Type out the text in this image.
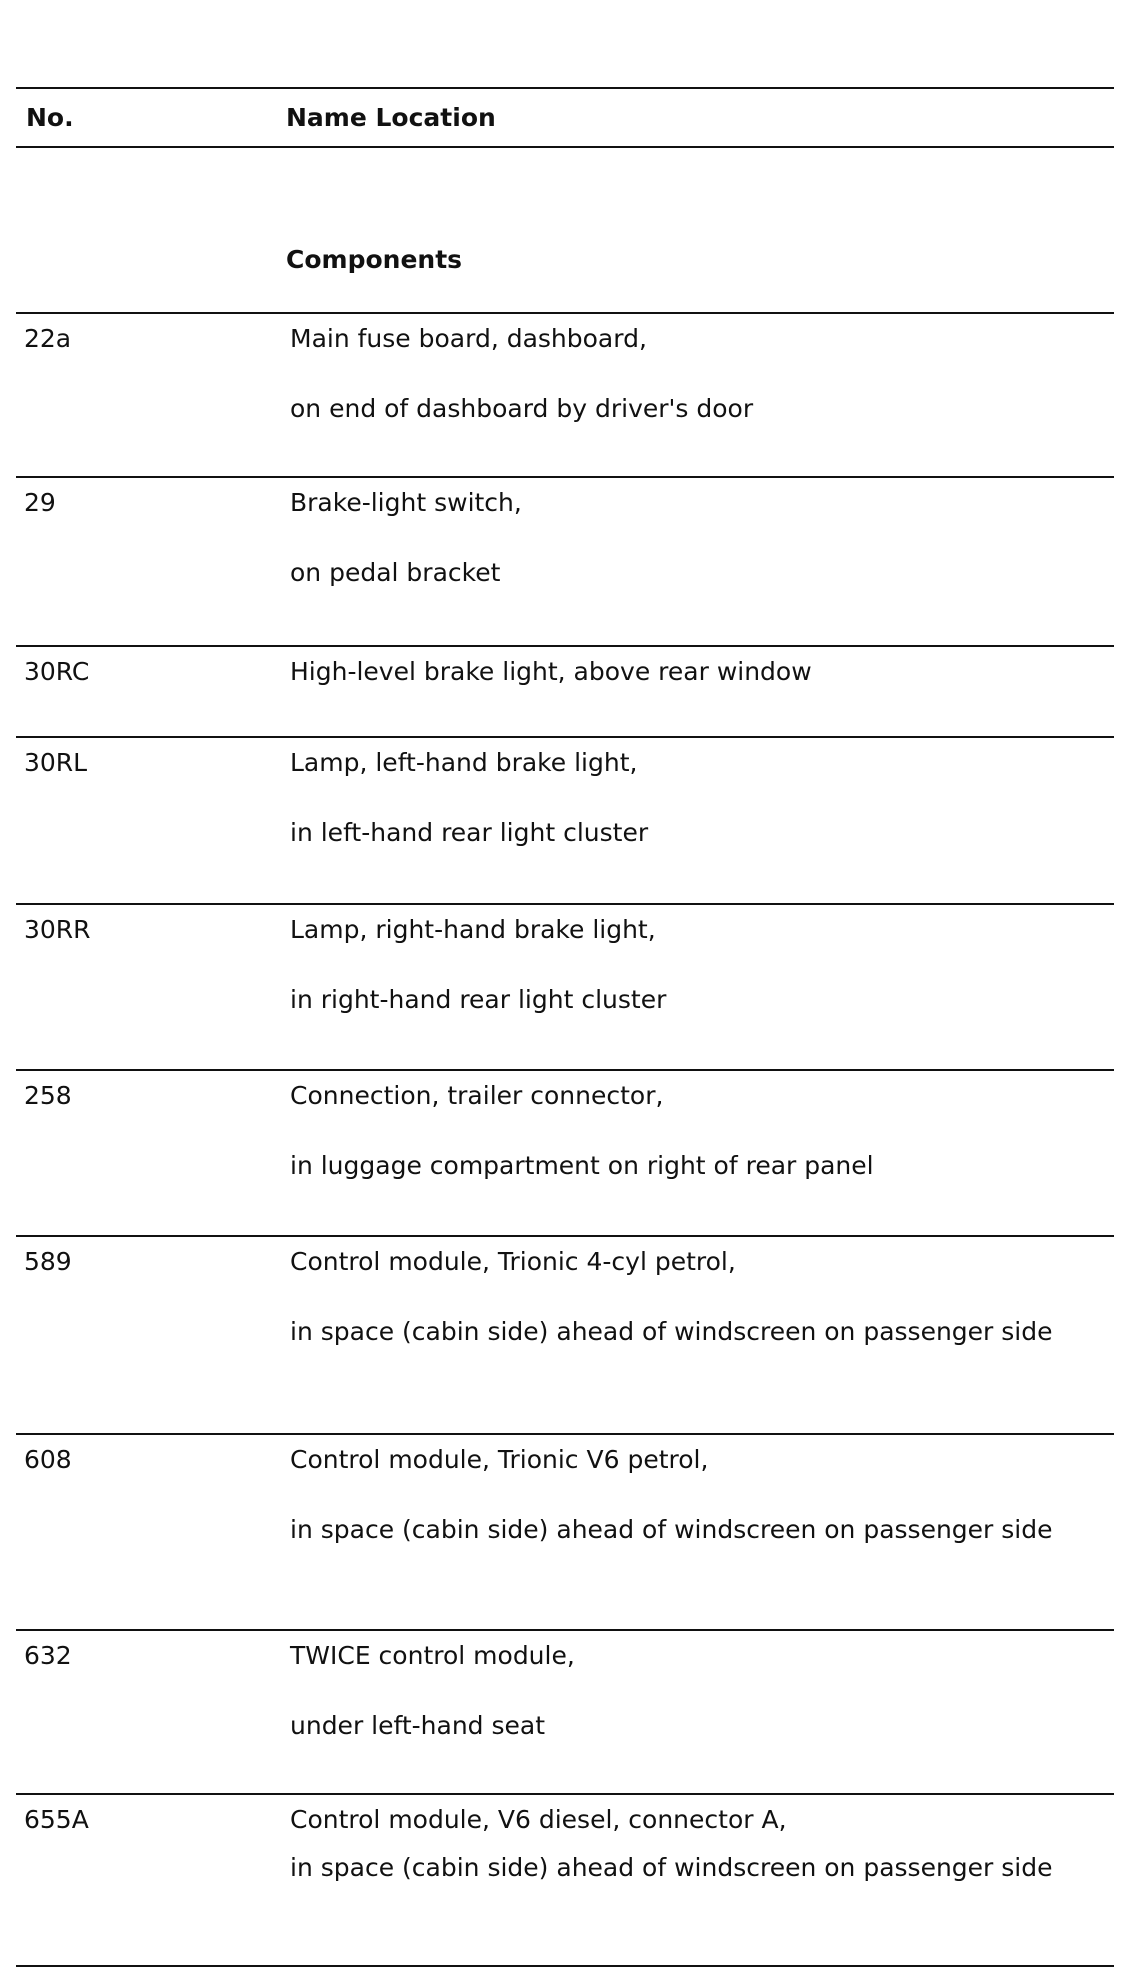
No.	Name Location
Components
22a	Main fuse board, dashboard,
on end of dashboard by driver's door
29	Brake-light switch,
on pedal bracket
30RC	High-level brake light, above rear window
30RL	Lamp, left-hand brake light,
in left-hand rear light cluster
30RR	Lamp, right-hand brake light,
in right-hand rear light cluster
258	Connection, trailer connector,
in luggage compartment on right of rear panel
589	Control module, Trionic 4-cyl petrol,
in space (cabin side) ahead of windscreen on passenger side
608	Control module, Trionic V6 petrol,
in space (cabin side) ahead of windscreen on passenger side
632	TWICE control module,
under left-hand seat
655A	Control module, V6 diesel, connector A,
in space (cabin side) ahead of windscreen on passenger side
